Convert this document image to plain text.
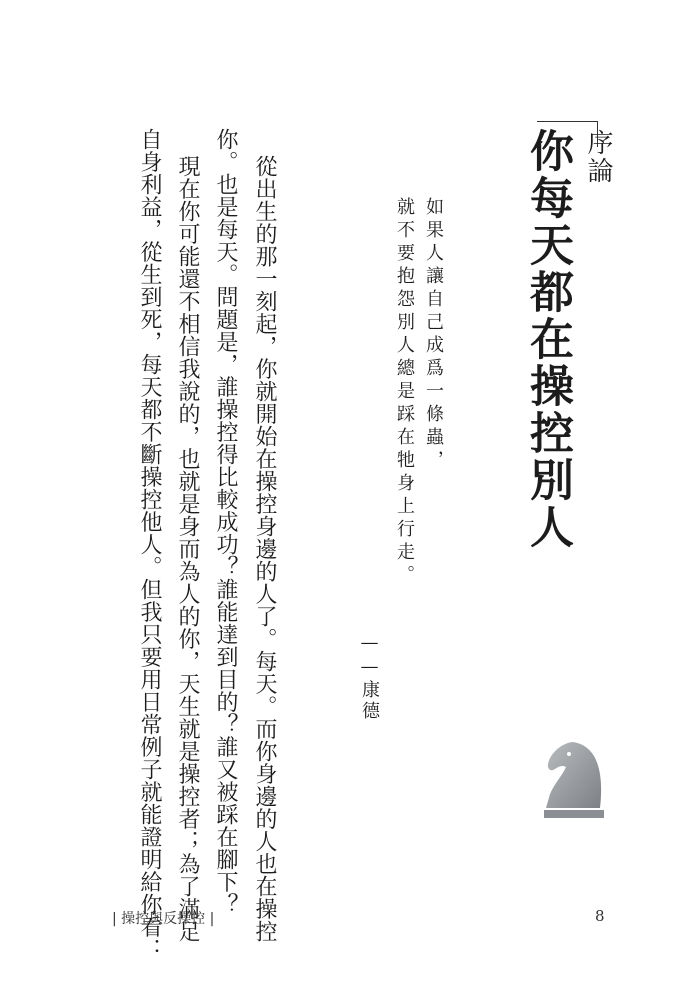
序論
你每天都在操控別人
如果人讓自己成爲一條蟲，
就不要抱怨別人總是踩在牠身上行走。
——康德
從出生的那一刻起，你就開始在操控身邊的人了。每天。而你身邊的人也在操控
你。也是每天。問題是，誰操控得比較成功？誰能達到目的？誰又被踩在腳下？
現在你可能還不相信我說的，也就是身而為人的你，天生就是操控者；為了滿足
自身利益，從生到死，每天都不斷操控他人。但我只要用日常例子就能證明給你看：
| 操控與反操控 |	8
